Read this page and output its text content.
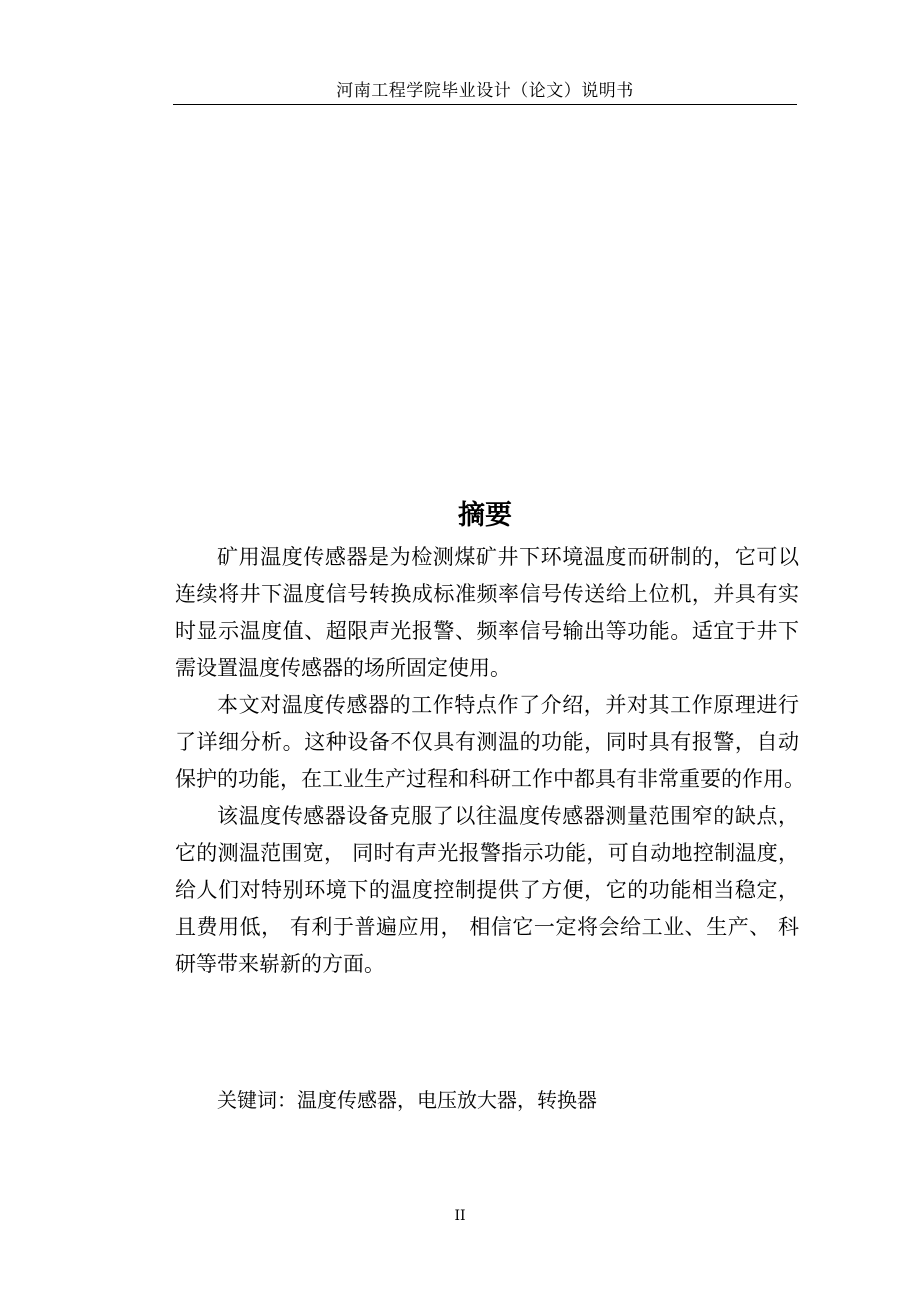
河南工程学院毕业设计（论文）说明书
摘要
矿用温度传感器是为检测煤矿井下环境温度而研制的，它可以
连续将井下温度信号转换成标准频率信号传送给上位机，并具有实
时显示温度值、超限声光报警、频率信号输出等功能。适宜于井下
需设置温度传感器的场所固定使用。
本文对温度传感器的工作特点作了介绍，并对其工作原理进行
了详细分析。这种设备不仅具有测温的功能，同时具有报警，自动
保护的功能，在工业生产过程和科研工作中都具有非常重要的作用。
该温度传感器设备克服了以往温度传感器测量范围窄的缺点，
它的测温范围宽， 同时有声光报警指示功能，可自动地控制温度，
给人们对特别环境下的温度控制提供了方便，它的功能相当稳定，
且费用低， 有利于普遍应用， 相信它一定将会给工业、生产、 科
研等带来崭新的方面。
关键词：温度传感器，电压放大器，转换器
II
